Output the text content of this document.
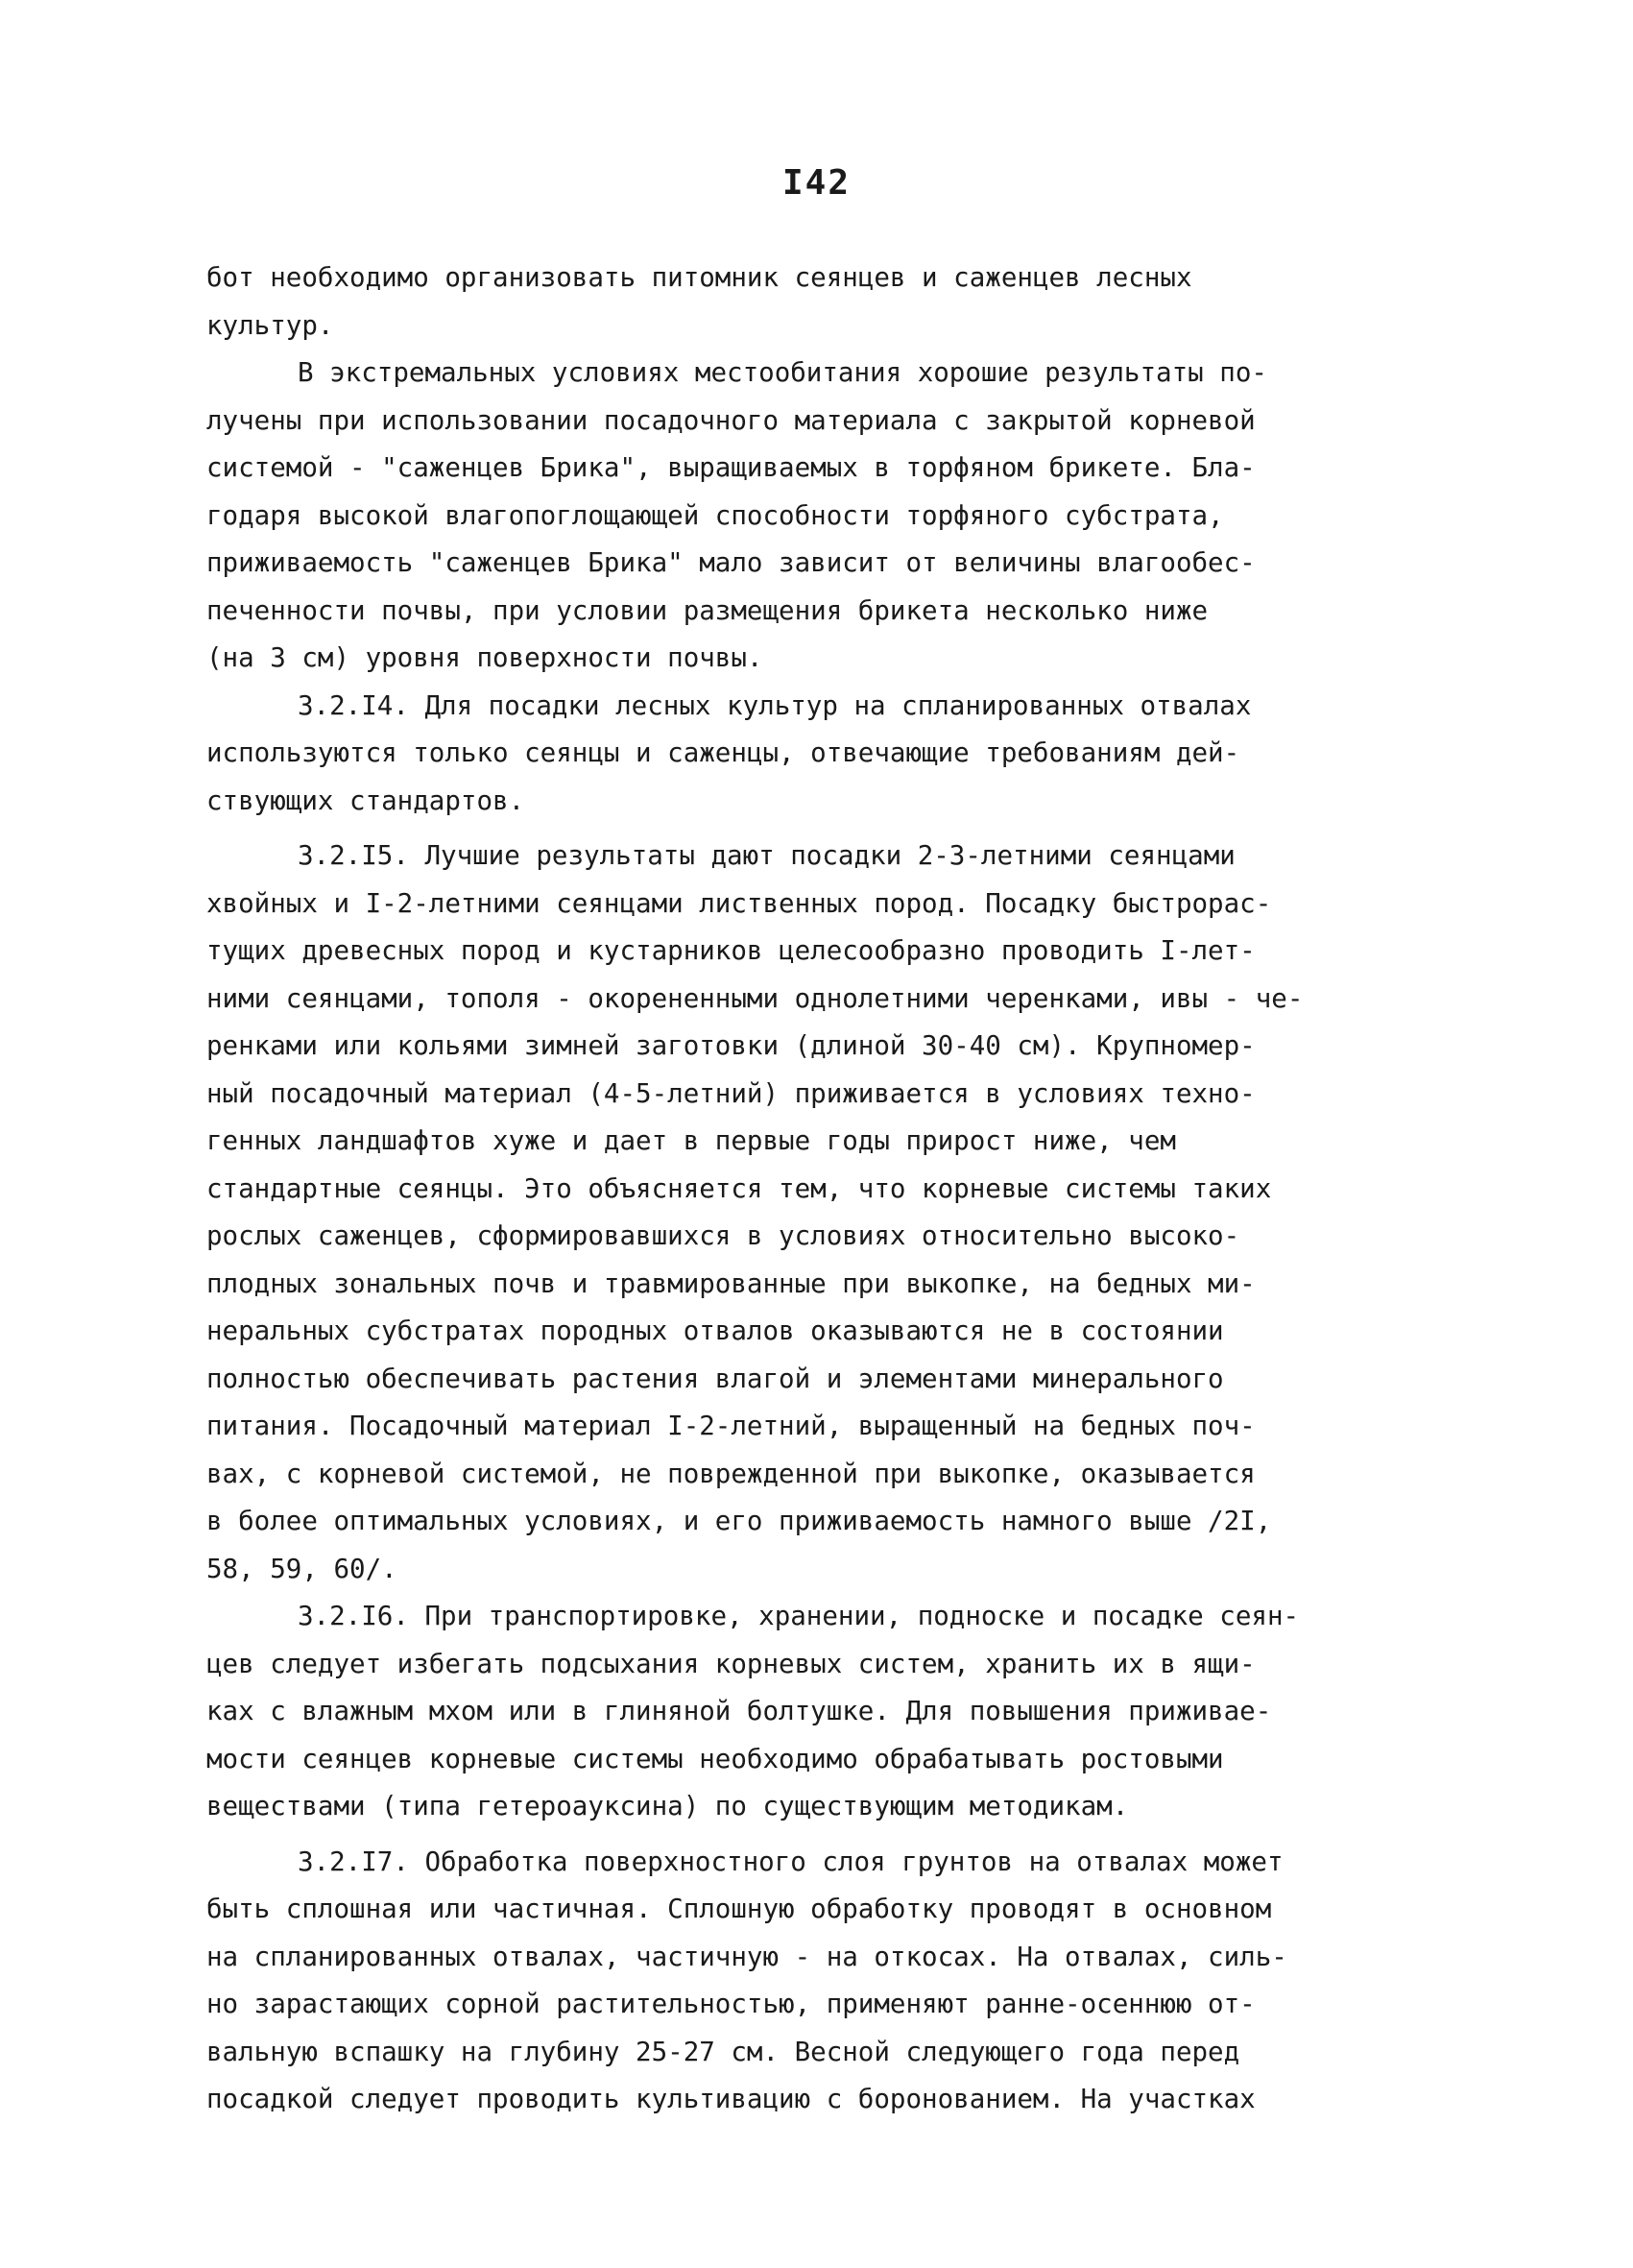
I42
бот необходимо организовать питомник сеянцев и саженцев лесных
культур.
В экстремальных условиях местообитания хорошие результаты по-
лучены при использовании посадочного материала с закрытой корневой
системой - "саженцев Брика", выращиваемых в торфяном брикете. Бла-
годаря высокой влагопоглощающей способности торфяного субстрата,
приживаемость "саженцев Брика" мало зависит от величины влагообес-
печенности почвы, при условии размещения брикета несколько ниже
(на 3 см) уровня поверхности почвы.
3.2.I4. Для посадки лесных культур на спланированных отвалах
используются только сеянцы и саженцы, отвечающие требованиям дей-
ствующих стандартов.
3.2.I5. Лучшие результаты дают посадки 2-3-летними сеянцами
хвойных и I-2-летними сеянцами лиственных пород. Посадку быстрорас-
тущих древесных пород и кустарников целесообразно проводить I-лет-
ними сеянцами, тополя - окорененными однолетними черенками, ивы - че-
ренками или кольями зимней заготовки (длиной 30-40 см). Крупномер-
ный посадочный материал (4-5-летний) приживается в условиях техно-
генных ландшафтов хуже и дает в первые годы прирост ниже, чем
стандартные сеянцы. Это объясняется тем, что корневые системы таких
рослых саженцев, сформировавшихся в условиях относительно высоко-
плодных зональных почв и травмированные при выкопке, на бедных ми-
неральных субстратах породных отвалов оказываются не в состоянии
полностью обеспечивать растения влагой и элементами минерального
питания. Посадочный материал I-2-летний, выращенный на бедных поч-
вах, с корневой системой, не поврежденной при выкопке, оказывается
в более оптимальных условиях, и его приживаемость намного выше /2I,
58, 59, 60/.
3.2.I6. При транспортировке, хранении, подноске и посадке сеян-
цев следует избегать подсыхания корневых систем, хранить их в ящи-
ках с влажным мхом или в глиняной болтушке. Для повышения приживае-
мости сеянцев корневые системы необходимо обрабатывать ростовыми
веществами (типа гетероауксина) по существующим методикам.
3.2.I7. Обработка поверхностного слоя грунтов на отвалах может
быть сплошная или частичная. Сплошную обработку проводят в основном
на спланированных отвалах, частичную - на откосах. На отвалах, силь-
но зарастающих сорной растительностью, применяют ранне-осеннюю от-
вальную вспашку на глубину 25-27 см. Весной следующего года перед
посадкой следует проводить культивацию с боронованием. На участках
